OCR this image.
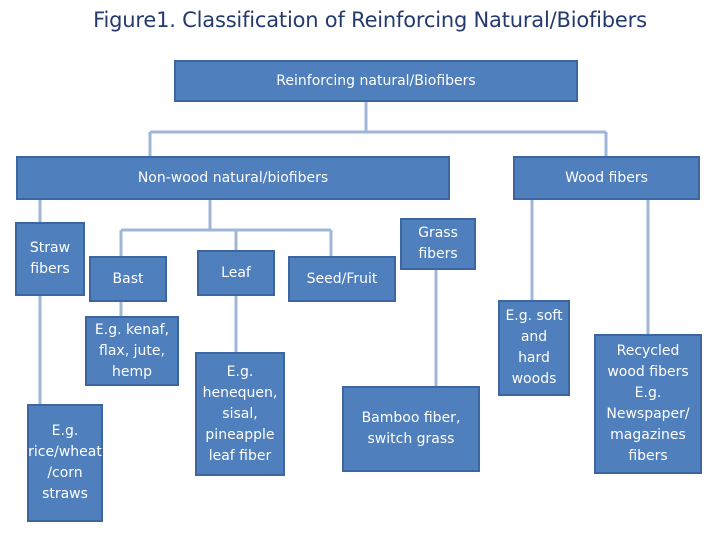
Figure1. Classification of Reinforcing Natural/Biofibers
Reinforcing natural/Biofibers
Non-wood natural/biofibers	Wood fibers
Straw
fibers
Bast	Leaf	Seed/Fruit
Grass
fibers
E.g. kenaf,
flax, jute,
hemp
E.g.
rice/wheat
/corn
straws
E.g.
henequen,
sisal,
pineapple
leaf fiber
Bamboo fiber,
switch grass
E.g. soft
and
hard
woods
Recycled
wood fibers
E.g.
Newspaper/
magazines
fibers
